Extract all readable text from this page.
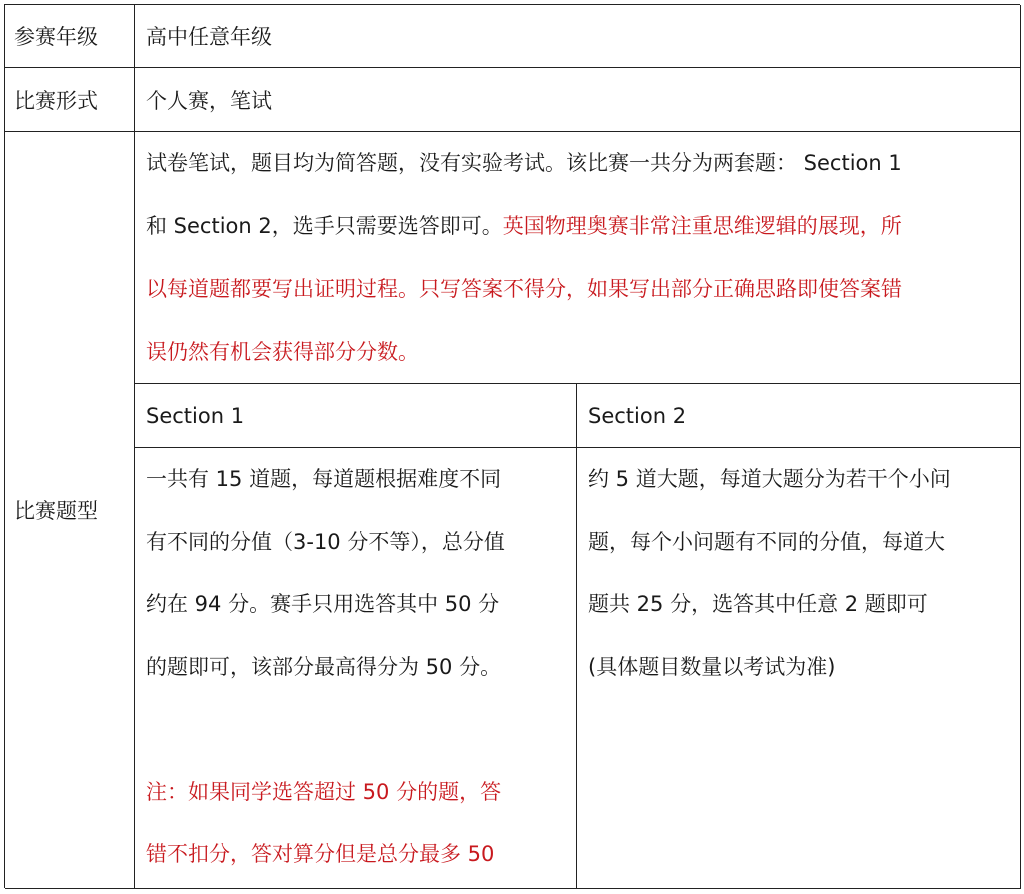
参赛年级 高中任意年级
比赛形式 个人赛，笔试
比赛题型
试卷笔试，题目均为简答题，没有实验考试。该比赛一共分为两套题： Section 1
和 Section 2，选手只需要选答即可。英国物理奥赛非常注重思维逻辑的展现，所
以每道题都要写出证明过程。只写答案不得分，如果写出部分正确思路即使答案错
误仍然有机会获得部分分数。
Section 1	Section 2

一共有 15 道题，每道题根据难度不同

有不同的分值（3-10 分不等），总分值

约在 94 分。赛手只用选答其中 50 分

的题即可，该部分最高得分为 50 分。

注：如果同学选答超过 50 分的题，答

错不扣分，答对算分但是总分最多 50

约 5 道大题，每道大题分为若干个小问

题，每个小问题有不同的分值，每道大

题共 25 分，选答其中任意 2 题即可

(具体题目数量以考试为准)
